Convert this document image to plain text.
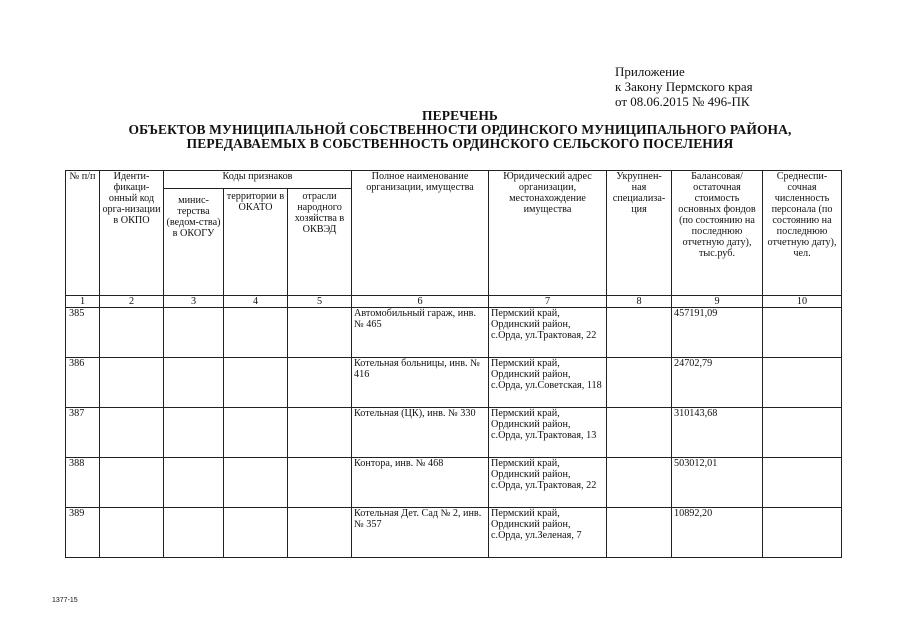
Приложение
к Закону Пермского края
от 08.06.2015 № 496-ПК
ПЕРЕЧЕНЬ
ОБЪЕКТОВ МУНИЦИПАЛЬНОЙ СОБСТВЕННОСТИ ОРДИНСКОГО МУНИЦИПАЛЬНОГО РАЙОНА,
ПЕРЕДАВАЕМЫХ В СОБСТВЕННОСТЬ ОРДИНСКОГО СЕЛЬСКОГО ПОСЕЛЕНИЯ
№ п/п	Иденти-фикаци-онный код орга-низации в ОКПО	Коды признаков			Полное наименование организации, имущества	Юридический адрес организации, местонахождение имущества	Укрупнен-ная специализа-ция	Балансовая/ остаточная стоимость основных фондов (по состоянию на последнюю отчетную дату), тыс.руб.	Среднеспи-сочная численность персонала (по состоянию на последнюю отчетную дату), чел.
		минис-терства (ведом-ства) в ОКОГУ	территории в ОКАТО	отрасли народного хозяйства в ОКВЭД					
1	2	3	4	5	6	7	8	9	10
385					Автомобильный гараж, инв. № 465	Пермский край, Ординский район, с.Орда, ул.Трактовая, 22		457191,09	
386					Котельная больницы, инв. № 416	Пермский край, Ординский район, с.Орда, ул.Советская, 118		24702,79	
387					Котельная (ЦК), инв. № 330	Пермский край, Ординский район, с.Орда, ул.Трактовая, 13		310143,68	
388					Контора, инв. № 468	Пермский край, Ординский район, с.Орда, ул.Трактовая, 22		503012,01	
389					Котельная Дет. Сад № 2, инв. № 357	Пермский край, Ординский район, с.Орда, ул.Зеленая, 7		10892,20	
1377-15
